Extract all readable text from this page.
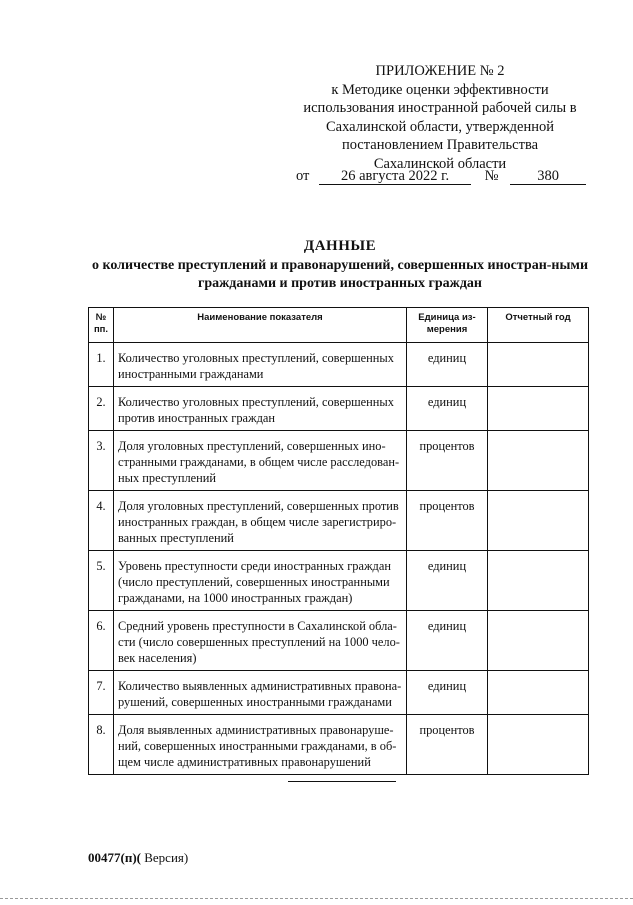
ПРИЛОЖЕНИЕ № 2
к Методике оценки эффективности
использования иностранной рабочей силы в
Сахалинской области, утвержденной
постановлением Правительства
Сахалинской области
от 26 августа 2022 г. №	380
ДАННЫЕ
о количестве преступлений и правонарушений, совершенных иностран-ными гражданами и против иностранных граждан
№ пп.	Наименование показателя	Единица из-мерения	Отчетный год
1.	Количество уголовных преступлений, совершенных иностранными гражданами	единиц	
2.	Количество уголовных преступлений, совершенных против иностранных граждан	единиц	
3.	Доля уголовных преступлений, совершенных ино-странными гражданами, в общем числе расследован-ных преступлений	процентов	
4.	Доля уголовных преступлений, совершенных против иностранных граждан, в общем числе зарегистриро-ванных преступлений	процентов	
5.	Уровень преступности среди иностранных граждан (число преступлений, совершенных иностранными гражданами, на 1000 иностранных граждан)	единиц	
6.	Средний уровень преступности в Сахалинской обла-сти (число совершенных преступлений на 1000 чело-век населения)	единиц	
7.	Количество выявленных административных правона-рушений, совершенных иностранными гражданами	единиц	
8.	Доля выявленных административных правонаруше-ний, совершенных иностранными гражданами, в об-щем числе административных правонарушений	процентов	
00477(п)( Версия)
